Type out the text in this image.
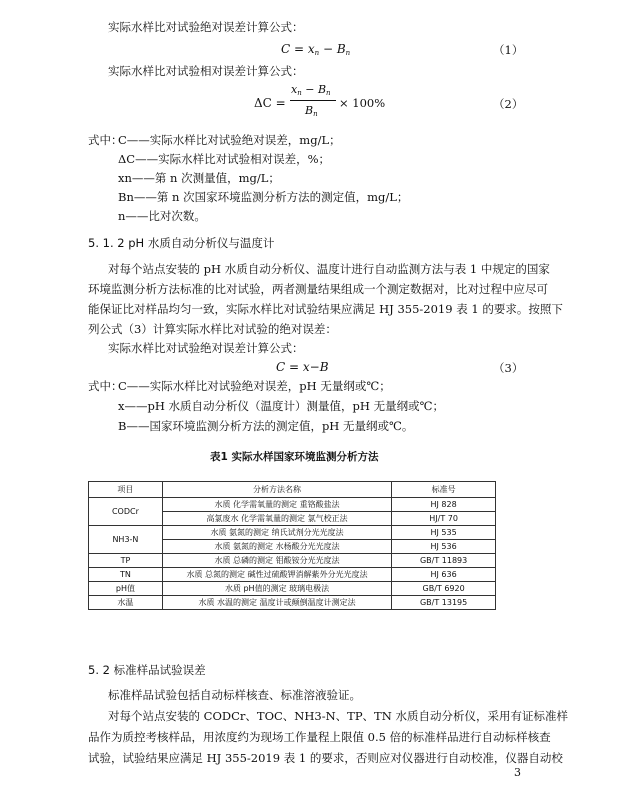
实际水样比对试验绝对误差计算公式：
$C = x_n - B_n$	（1）
实际水样比对试验相对误差计算公式：
ΔC =
$x_n - B_n$
$B_n$
× 100%	（2）
式中：
C——实际水样比对试验绝对误差，mg/L；
ΔC——实际水样比对试验相对误差，%；
xn——第 n 次测量值，mg/L；
Bn——第 n 次国家环境监测分析方法的测定值，mg/L；
n——比对次数。
5. 1. 2 pH 水质自动分析仪与温度计
对每个站点安装的 pH 水质自动分析仪、温度计进行自动监测方法与表 1 中规定的国家
环境监测分析方法标准的比对试验，两者测量结果组成一个测定数据对，比对过程中应尽可
能保证比对样品均匀一致，实际水样比对试验结果应满足 HJ 355-2019 表 1 的要求。按照下
列公式（3）计算实际水样比对试验的绝对误差：
实际水样比对试验绝对误差计算公式：
C = x−B	（3）
式中：
C——实际水样比对试验绝对误差，pH 无量纲或℃；
x——pH 水质自动分析仪（温度计）测量值，pH 无量纲或℃；
B——国家环境监测分析方法的测定值，pH 无量纲或℃。
表1 实际水样国家环境监测分析方法
项目	分析方法名称	标准号
CODCr	水质 化学需氧量的测定 重铬酸盐法	HJ 828
	高氯废水 化学需氧量的测定 氯气校正法	HJ/T 70
NH3-N	水质 氨氮的测定 纳氏试剂分光光度法	HJ 535
	水质 氨氮的测定 水杨酸分光光度法	HJ 536
TP	水质 总磷的测定 钼酸铵分光光度法	GB/T 11893
TN	水质 总氮的测定 碱性过硫酸钾消解紫外分光光度法	HJ 636
pH值	水质 pH值的测定 玻璃电极法	GB/T 6920
水温	水质 水温的测定 温度计或颠倒温度计测定法	GB/T 13195
5. 2 标准样品试验误差
标准样品试验包括自动标样核查、标准溶液验证。
对每个站点安装的 CODCr、TOC、NH3-N、TP、TN 水质自动分析仪，采用有证标准样
品作为质控考核样品，用浓度约为现场工作量程上限值 0.5 倍的标准样品进行自动标样核查
试验，试验结果应满足 HJ 355-2019 表 1 的要求，否则应对仪器进行自动校准，仪器自动校
3
